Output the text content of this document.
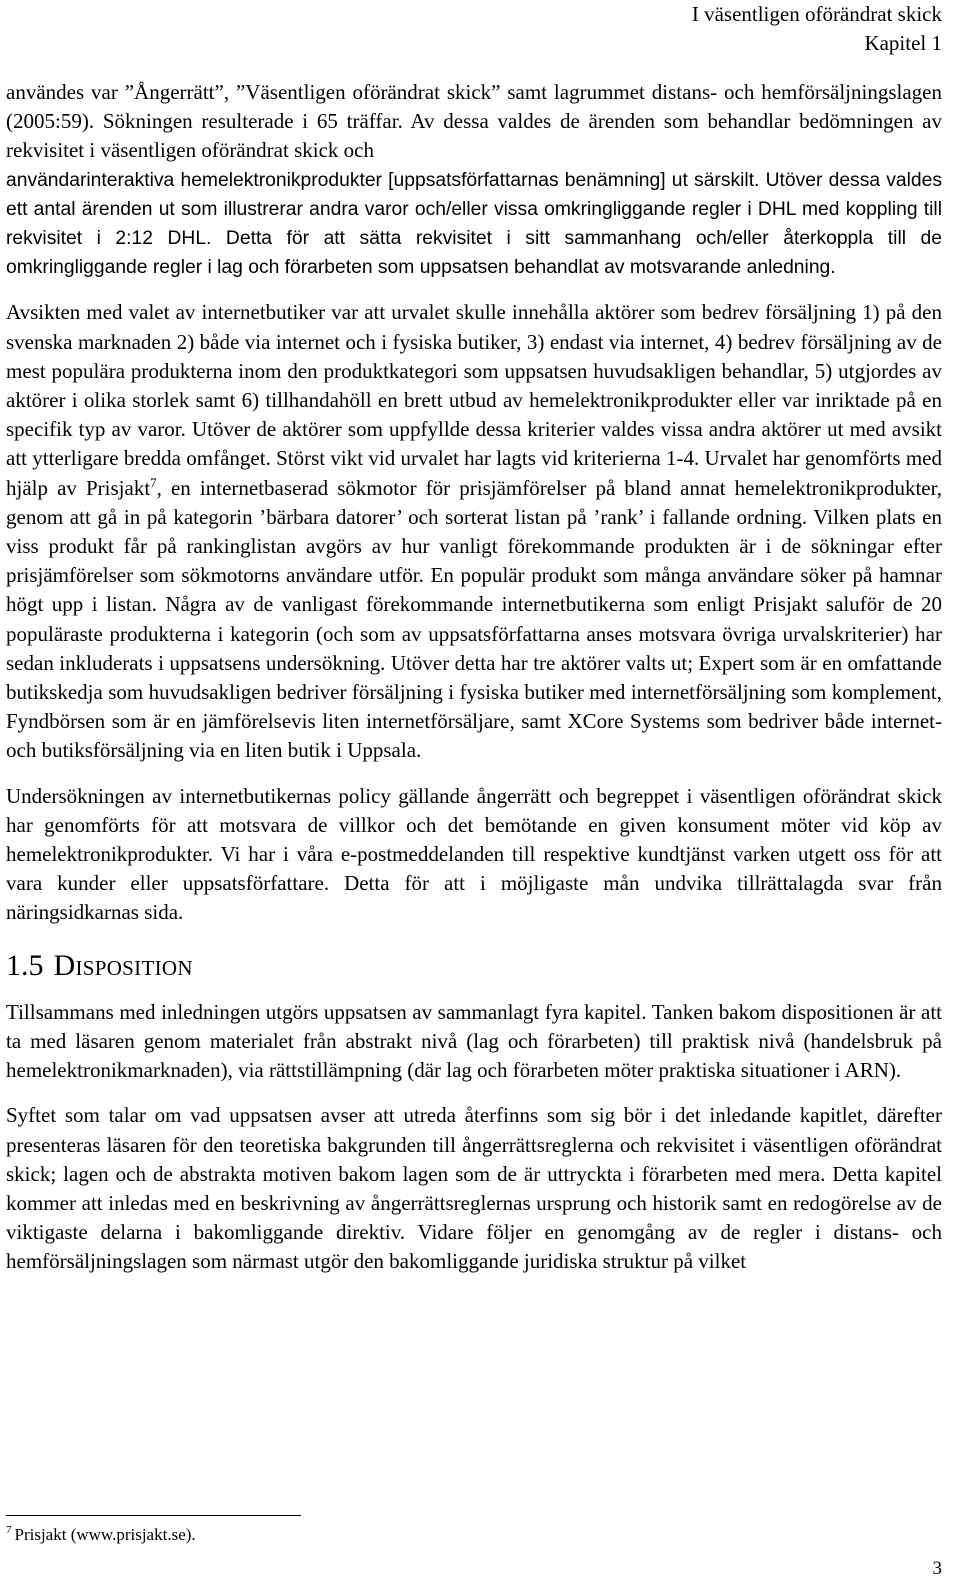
I väsentligen oförändrat skick
Kapitel 1

användes var ”Ångerrätt”, ”Väsentligen oförändrat skick” samt lagrummet distans- och hemförsäljningslagen (2005:59). Sökningen resulterade i 65 träffar. Av dessa valdes de ärenden som behandlar bedömningen av rekvisitet i väsentligen oförändrat skick och

användarinteraktiva hemelektronikprodukter [uppsatsförfattarnas benämning] ut särskilt. Utöver dessa valdes ett antal ärenden ut som illustrerar andra varor och/eller vissa omkringliggande regler i DHL med koppling till rekvisitet i 2:12 DHL. Detta för att sätta rekvisitet i sitt sammanhang och/eller återkoppla till de omkringliggande regler i lag och förarbeten som uppsatsen behandlat av motsvarande anledning.

Avsikten med valet av internetbutiker var att urvalet skulle innehålla aktörer som bedrev försäljning 1) på den svenska marknaden 2) både via internet och i fysiska butiker, 3) endast via internet, 4) bedrev försäljning av de mest populära produkterna inom den produktkategori som uppsatsen huvudsakligen behandlar, 5) utgjordes av aktörer i olika storlek samt 6) tillhandahöll en brett utbud av hemelektronikprodukter eller var inriktade på en specifik typ av varor. Utöver de aktörer som uppfyllde dessa kriterier valdes vissa andra aktörer ut med avsikt att ytterligare bredda omfånget. Störst vikt vid urvalet har lagts vid kriterierna 1-4. Urvalet har genomförts med hjälp av Prisjakt$^7$, en internetbaserad sökmotor för prisjämförelser på bland annat hemelektronikprodukter, genom att gå in på kategorin ’bärbara datorer’ och sorterat listan på ’rank’ i fallande ordning. Vilken plats en viss produkt får på rankinglistan avgörs av hur vanligt förekommande produkten är i de sökningar efter prisjämförelser som sökmotorns användare utför. En populär produkt som många användare söker på hamnar högt upp i listan. Några av de vanligast förekommande internetbutikerna som enligt Prisjakt saluför de 20 populäraste produkterna i kategorin (och som av uppsatsförfattarna anses motsvara övriga urvalskriterier) har sedan inkluderats i uppsatsens undersökning. Utöver detta har tre aktörer valts ut; Expert som är en omfattande butikskedja som huvudsakligen bedriver försäljning i fysiska butiker med internetförsäljning som komplement, Fyndbörsen som är en jämförelsevis liten internetförsäljare, samt XCore Systems som bedriver både internet- och butiksförsäljning via en liten butik i Uppsala.

Undersökningen av internetbutikernas policy gällande ångerrätt och begreppet i väsentligen oförändrat skick har genomförts för att motsvara de villkor och det bemötande en given konsument möter vid köp av hemelektronikprodukter. Vi har i våra e-postmeddelanden till respektive kundtjänst varken utgett oss för att vara kunder eller uppsatsförfattare. Detta för att i möjligaste mån undvika tillrättalagda svar från näringsidkarnas sida.

1.5 Disposition

Tillsammans med inledningen utgörs uppsatsen av sammanlagt fyra kapitel. Tanken bakom dispositionen är att ta med läsaren genom materialet från abstrakt nivå (lag och förarbeten) till praktisk nivå (handelsbruk på hemelektronikmarknaden), via rättstillämpning (där lag och förarbeten möter praktiska situationer i ARN).

Syftet som talar om vad uppsatsen avser att utreda återfinns som sig bör i det inledande kapitlet, därefter presenteras läsaren för den teoretiska bakgrunden till ångerrättsreglerna och rekvisitet i väsentligen oförändrat skick; lagen och de abstrakta motiven bakom lagen som de är uttryckta i förarbeten med mera. Detta kapitel kommer att inledas med en beskrivning av ångerrättsreglernas ursprung och historik samt en redogörelse av de viktigaste delarna i bakomliggande direktiv. Vidare följer en genomgång av de regler i distans- och hemförsäljningslagen som närmast utgör den bakomliggande juridiska struktur på vilket

$^7$ Prisjakt (www.prisjakt.se).
3
